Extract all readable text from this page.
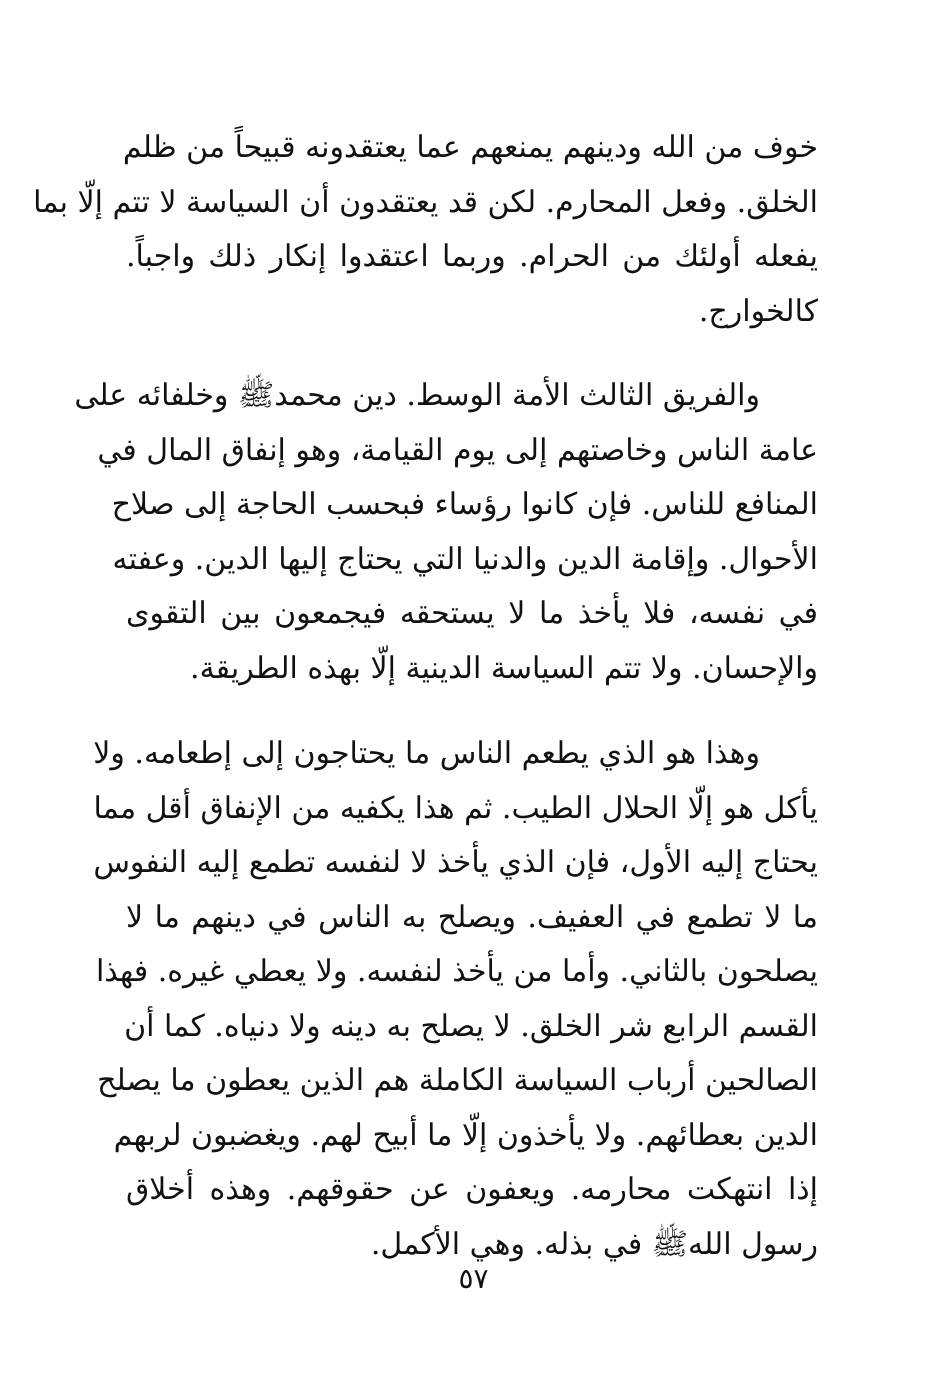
خوف من الله ودينهم يمنعهم عما يعتقدونه قبيحاً من ظلم
الخلق. وفعل المحارم. لكن قد يعتقدون أن السياسة لا تتم إلّا بما
يفعله أولئك من الحرام. وربما اعتقدوا إنكار ذلك واجباً.
كالخوارج.
والفريق الثالث الأمة الوسط. دين محمدﷺ وخلفائه على
عامة الناس وخاصتهم إلى يوم القيامة، وهو إنفاق المال في
المنافع للناس. فإن كانوا رؤساء فبحسب الحاجة إلى صلاح
الأحوال. وإقامة الدين والدنيا التي يحتاج إليها الدين. وعفته
في نفسه، فلا يأخذ ما لا يستحقه فيجمعون بين التقوى
والإحسان. ولا تتم السياسة الدينية إلّا بهذه الطريقة.
وهذا هو الذي يطعم الناس ما يحتاجون إلى إطعامه. ولا
يأكل هو إلّا الحلال الطيب. ثم هذا يكفيه من الإنفاق أقل مما
يحتاج إليه الأول، فإن الذي يأخذ لا لنفسه تطمع إليه النفوس
ما لا تطمع في العفيف. ويصلح به الناس في دينهم ما لا
يصلحون بالثاني. وأما من يأخذ لنفسه. ولا يعطي غيره. فهذا
القسم الرابع شر الخلق. لا يصلح به دينه ولا دنياه. كما أن
الصالحين أرباب السياسة الكاملة هم الذين يعطون ما يصلح
الدين بعطائهم. ولا يأخذون إلّا ما أبيح لهم. ويغضبون لربهم
إذا انتهكت محارمه. ويعفون عن حقوقهم. وهذه أخلاق
رسول اللهﷺ في بذله. وهي الأكمل.
٥٧
